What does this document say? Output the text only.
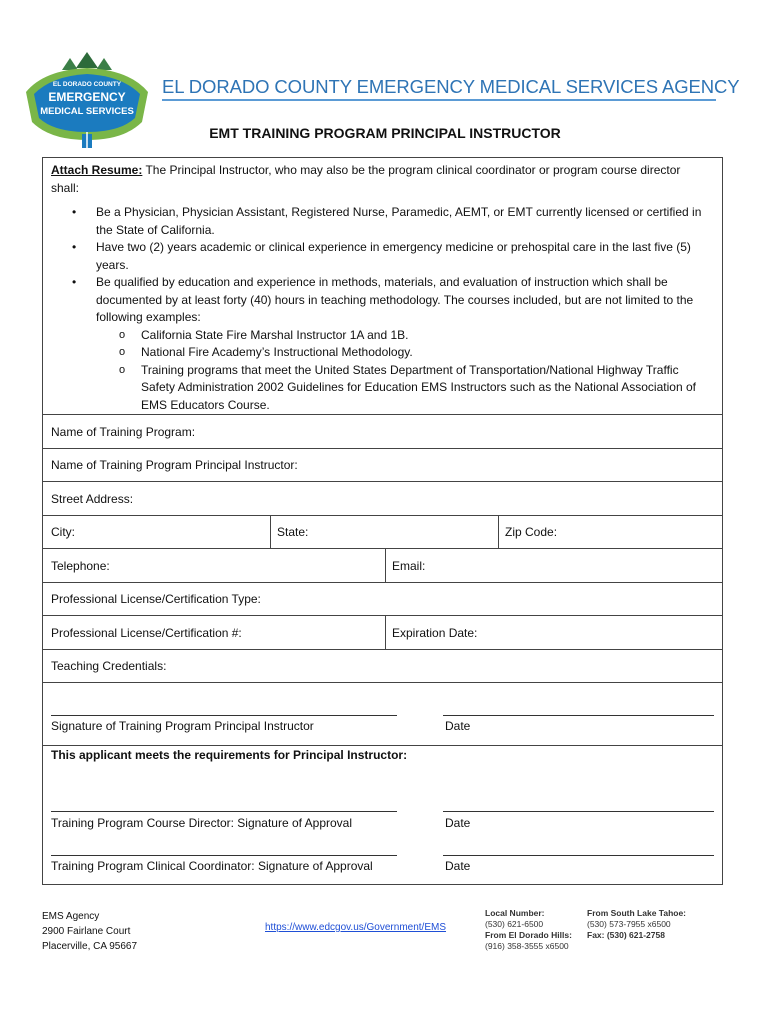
EL DORADO COUNTY
EMERGENCY
MEDICAL SERVICES
EL DORADO COUNTY EMERGENCY MEDICAL SERVICES AGENCY
EMT TRAINING PROGRAM PRINCIPAL INSTRUCTOR
Attach Resume: The Principal Instructor, who may also be the program clinical coordinator or program course director shall:
• Be a Physician, Physician Assistant, Registered Nurse, Paramedic, AEMT, or EMT currently licensed or certified in the State of California.
• Have two (2) years academic or clinical experience in emergency medicine or prehospital care in the last five (5) years.
• Be qualified by education and experience in methods, materials, and evaluation of instruction which shall be documented by at least forty (40) hours in teaching methodology. The courses included, but are not limited to the following examples:
o California State Fire Marshal Instructor 1A and 1B.
o National Fire Academy’s Instructional Methodology.
o Training programs that meet the United States Department of Transportation/National Highway Traffic Safety Administration 2002 Guidelines for Education EMS Instructors such as the National Association of EMS Educators Course.
Name of Training Program:
Name of Training Program Principal Instructor:
Street Address:
City:	State:	Zip Code:
Telephone:	Email:
Professional License/Certification Type:
Professional License/Certification #:	Expiration Date:
Teaching Credentials:
Signature of Training Program Principal Instructor	Date
This applicant meets the requirements for Principal Instructor:
Training Program Course Director: Signature of Approval	Date
Training Program Clinical Coordinator: Signature of Approval	Date
EMS Agency
2900 Fairlane Court
Placerville, CA 95667
https://www.edcgov.us/Government/EMS
Local Number:
(530) 621-6500
From El Dorado Hills:
(916) 358-3555 x6500
From South Lake Tahoe:
(530) 573-7955 x6500
Fax: (530) 621-2758
